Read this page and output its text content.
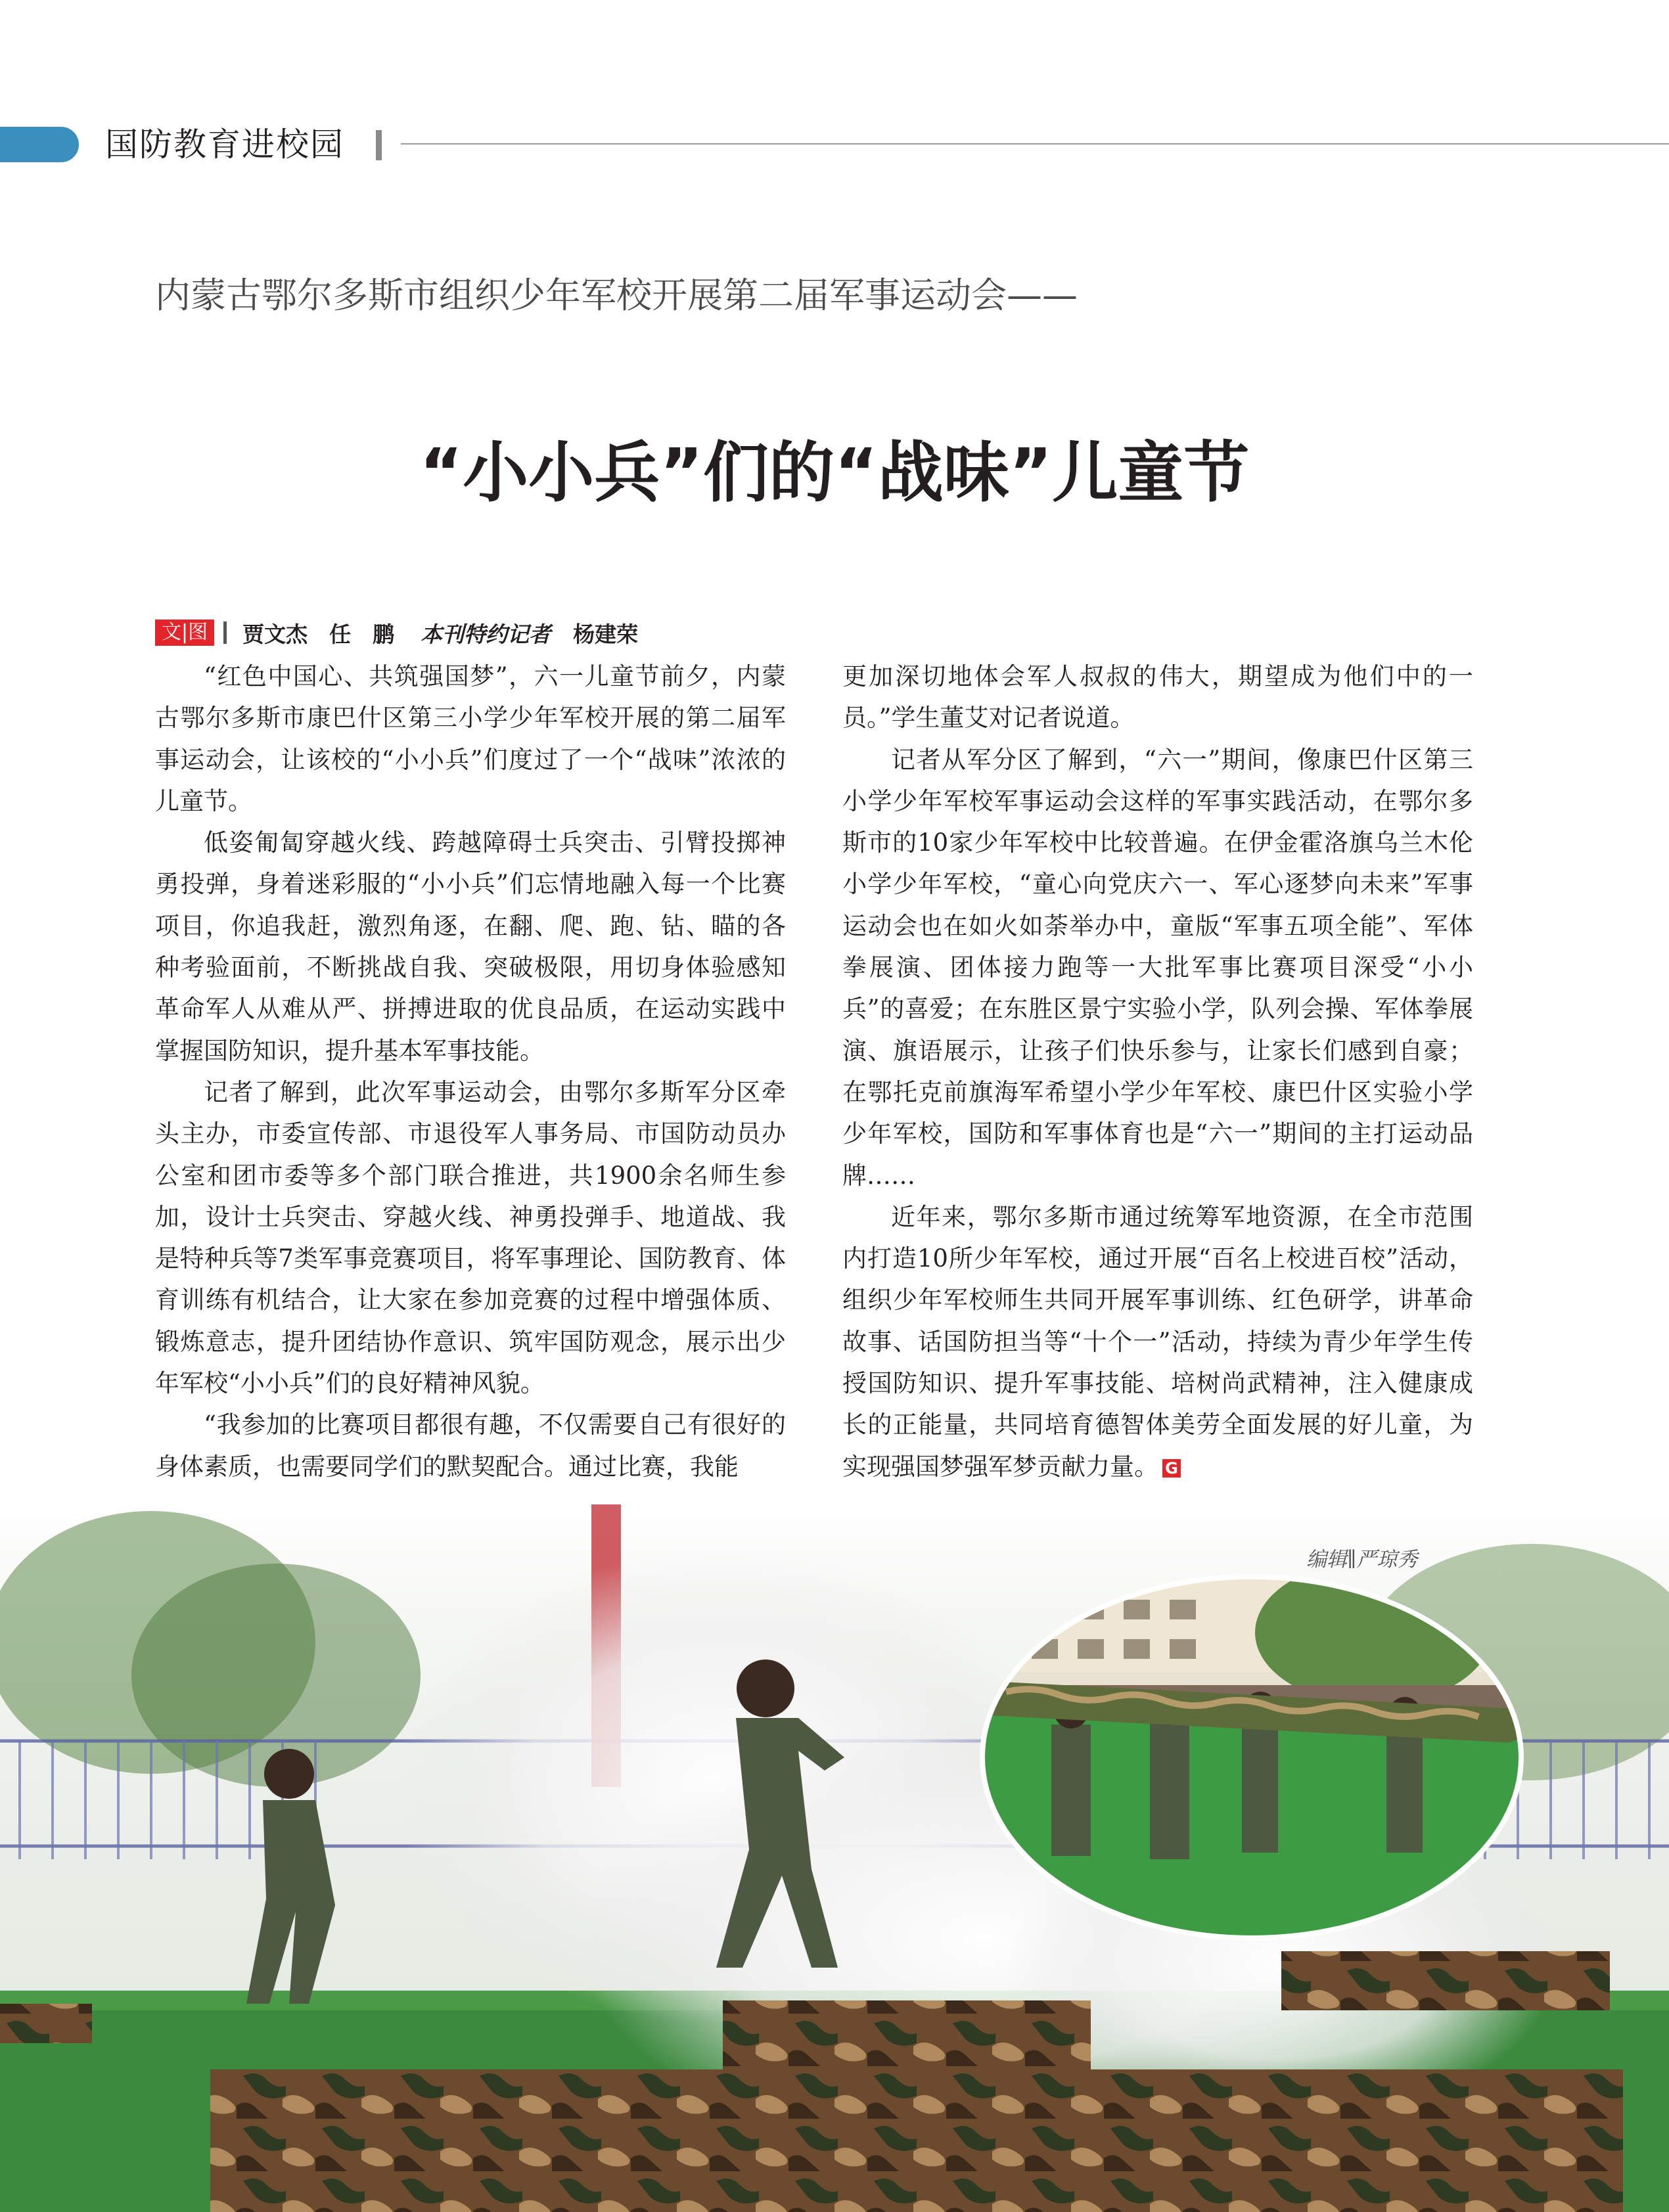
国防教育进校园
内蒙古鄂尔多斯市组织少年军校开展第二届军事运动会——
“小小兵”们的“战味”儿童节
文|图	贾文杰　任　鹏 本刊特约记者 杨建荣

“红色中国心、共筑强国梦”，六一儿童节前夕，内蒙古鄂尔多斯市康巴什区第三小学少年军校开展的第二届军事运动会，让该校的“小小兵”们度过了一个“战味”浓浓的儿童节。

低姿匍匐穿越火线、跨越障碍士兵突击、引臂投掷神勇投弹，身着迷彩服的“小小兵”们忘情地融入每一个比赛项目，你追我赶，激烈角逐，在翻、爬、跑、钻、瞄的各种考验面前，不断挑战自我、突破极限，用切身体验感知革命军人从难从严、拼搏进取的优良品质，在运动实践中掌握国防知识，提升基本军事技能。

记者了解到，此次军事运动会，由鄂尔多斯军分区牵头主办，市委宣传部、市退役军人事务局、市国防动员办公室和团市委等多个部门联合推进，共1900余名师生参加，设计士兵突击、穿越火线、神勇投弹手、地道战、我是特种兵等7类军事竞赛项目，将军事理论、国防教育、体育训练有机结合，让大家在参加竞赛的过程中增强体质、锻炼意志，提升团结协作意识、筑牢国防观念，展示出少年军校“小小兵”们的良好精神风貌。

“我参加的比赛项目都很有趣，不仅需要自己有很好的身体素质，也需要同学们的默契配合。通过比赛，我能

更加深切地体会军人叔叔的伟大，期望成为他们中的一员。”学生董艾对记者说道。

记者从军分区了解到，“六一”期间，像康巴什区第三小学少年军校军事运动会这样的军事实践活动，在鄂尔多斯市的10家少年军校中比较普遍。在伊金霍洛旗乌兰木伦小学少年军校，“童心向党庆六一、军心逐梦向未来”军事运动会也在如火如荼举办中，童版“军事五项全能”、军体拳展演、团体接力跑等一大批军事比赛项目深受“小小兵”的喜爱；在东胜区景宁实验小学，队列会操、军体拳展演、旗语展示，让孩子们快乐参与，让家长们感到自豪；在鄂托克前旗海军希望小学少年军校、康巴什区实验小学少年军校，国防和军事体育也是“六一”期间的主打运动品牌……

近年来，鄂尔多斯市通过统筹军地资源，在全市范围内打造10所少年军校，通过开展“百名上校进百校”活动，组织少年军校师生共同开展军事训练、红色研学，讲革命故事、话国防担当等“十个一”活动，持续为青少年学生传授国防知识、提升军事技能、培树尚武精神，注入健康成长的正能量，共同培育德智体美劳全面发展的好儿童，为实现强国梦强军梦贡献力量。 G

编辑∥严琼秀
